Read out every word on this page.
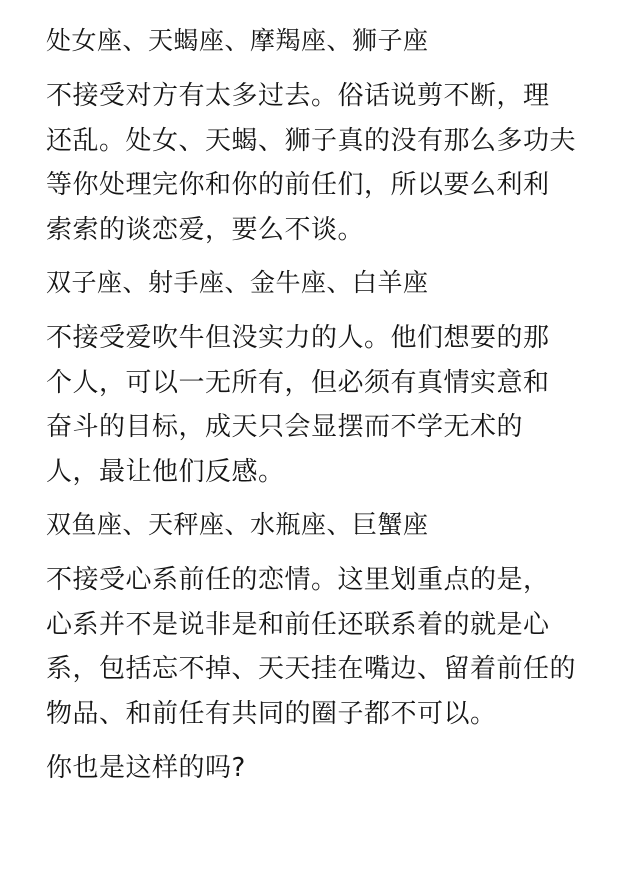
处女座、天蝎座、摩羯座、狮子座
不接受对方有太多过去。俗话说剪不断，理
还乱。处女、天蝎、狮子真的没有那么多功夫
等你处理完你和你的前任们，所以要么利利
索索的谈恋爱，要么不谈。
双子座、射手座、金牛座、白羊座
不接受爱吹牛但没实力的人。他们想要的那
个人，可以一无所有，但必须有真情实意和
奋斗的目标，成天只会显摆而不学无术的
人，最让他们反感。
双鱼座、天秤座、水瓶座、巨蟹座
不接受心系前任的恋情。这里划重点的是，
心系并不是说非是和前任还联系着的就是心
系，包括忘不掉、天天挂在嘴边、留着前任的
物品、和前任有共同的圈子都不可以。
你也是这样的吗?
